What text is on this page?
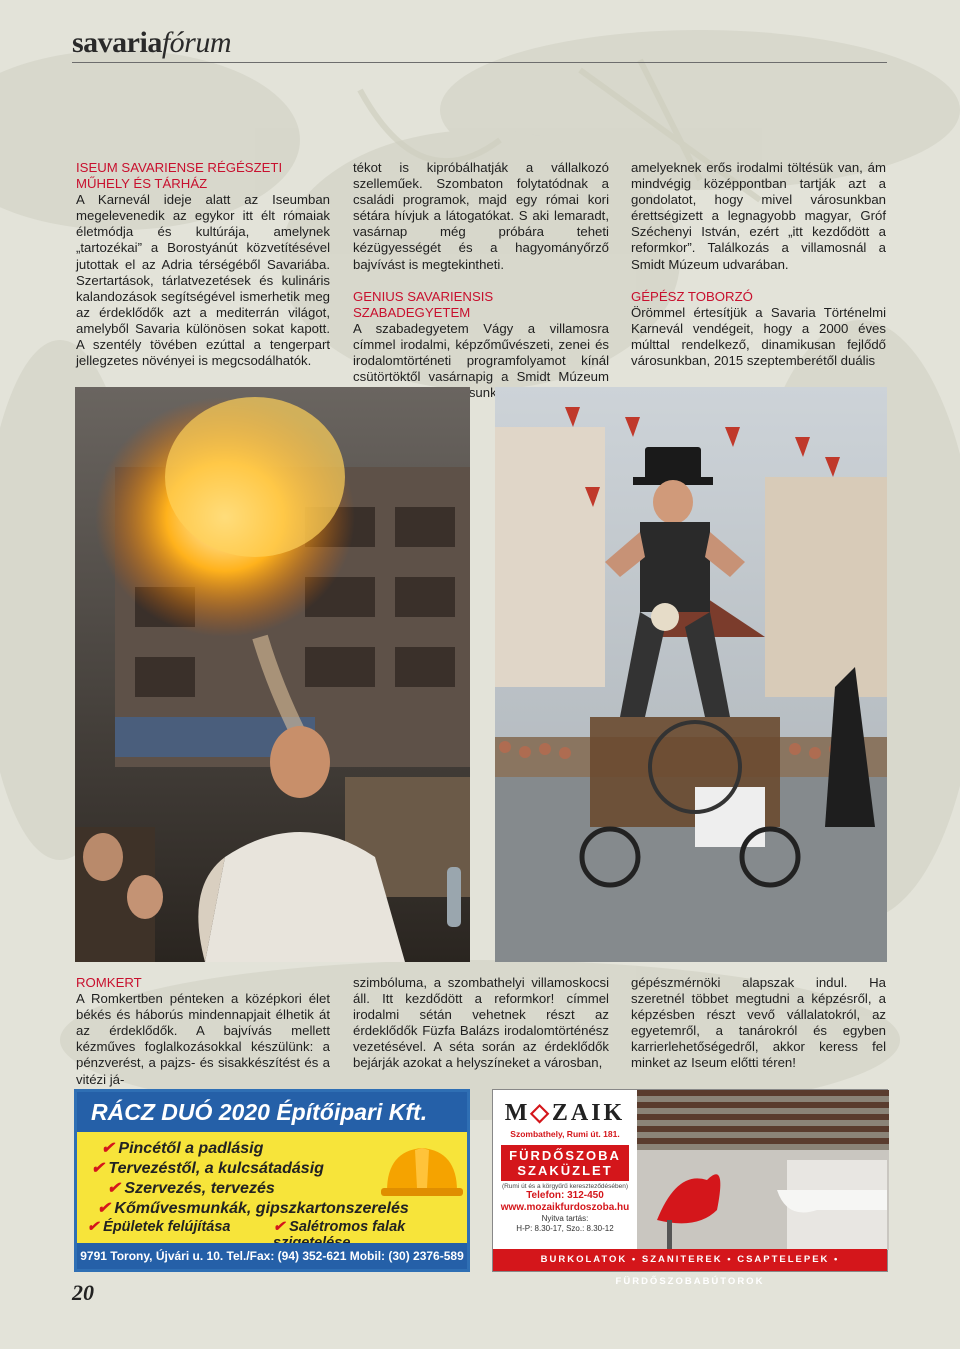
savariafórum

ISEUM SAVARIENSE RÉGÉSZETI

MŰHELY ÉS TÁRHÁZ

A Karnevál ideje alatt az Iseumban megelevenedik az egykor itt élt rómaiak életmódja és kultúrája, amelynek „tartozékai” a Borostyánút közvetítésével jutottak el az Adria térségéből Savariába. Szertartások, tárlatvezetések és kulináris kalandozások segítségével ismerhetik meg az érdeklődők azt a mediterrán világot, amelyből Savaria különösen sokat kapott. A szentély tövében ezúttal a tengerpart jellegzetes növényei is megcsodálhatók.

tékot is kipróbálhatják a vállalkozó szelleműek. Szombaton folytatódnak a családi programok, majd egy római kori sétára hívjuk a látogatókat. S aki lemaradt, vasárnap még próbára teheti kézügyességét és a hagyományőrző bajvívást is megtekintheti.

GENIUS SAVARIENSIS SZABADEGYETEM

A szabadegyetem Vágy a villamosra címmel irodalmi, képzőművészeti, zenei és irodalomtörténeti programfolyamot kínál csütörtöktől vasárnapig a Smidt Múzeum

amelyeknek erős irodalmi töltésük van, ám mindvégig középpontban tartják azt a gondolatot, hogy mivel városunkban érettségizett a legnagyobb magyar, Gróf Széchenyi István, ezért „itt kezdődött a reformkor”. Találkozás a villamosnál a Smidt Múzeum udvarában.

GÉPÉSZ TOBORZÓ

Örömmel értesítjük a Savaria Történelmi Karnevál vendégeit, hogy a 2000 éves múlttal rendelkező, dinamikusan fejlődő városunkban, 2015 szeptemberétől duális

ROMKERT

A Romkertben pénteken a középkori élet békés és háborús mindennapjait élhetik át az érdeklődők. A bajvívás mellett kézműves foglalkozásokkal készülünk: a pénzverést, a pajzs- és sisakkészítést és a vitézi já-

szimbóluma, a szombathelyi villamoskocsi áll. Itt kezdődött a reformkor! címmel irodalmi sétán vehetnek részt az érdeklődők Füzfa Balázs irodalomtörténész vezetésével. A séta során az érdeklődők bejárják azokat a helyszíneket a városban,

gépészmérnöki alapszak indul. Ha szeretnél többet megtudni a képzésről, a képzésben részt vevő vállalatokról, az egyetemről, a tanárokról és egyben karrierlehetőségedről, akkor keress fel minket az Iseum előtti téren!

RÁCZ DUÓ 2020 Építőipari Kft.
✔ Pincétől a padlásig
✔ Tervezéstől, a kulcsátadásig
✔ Szervezés, tervezés
✔ Kőművesmunkák, gipszkartonszerelés
✔ Épületek felújítása	✔ Salétromos falak
9791 Torony, Újvári u. 10. Tel./Fax: (94) 352-621 Mobil: (30) 2376-589
M◇ZAIK
Szombathely, Rumi út. 181.
FÜRDŐSZOBA
SZAKÜZLET
(Rumi út és a körgyűrű kereszteződésében)
Telefon: 312-450
www.mozaikfurdoszoba.hu
Nyitva tartás:
H-P: 8.30-17, Szo.: 8.30-12
BURKOLATOK • SZANITEREK • CSAPTELEPEK • FÜRDŐSZOBABÚTOROK
20
